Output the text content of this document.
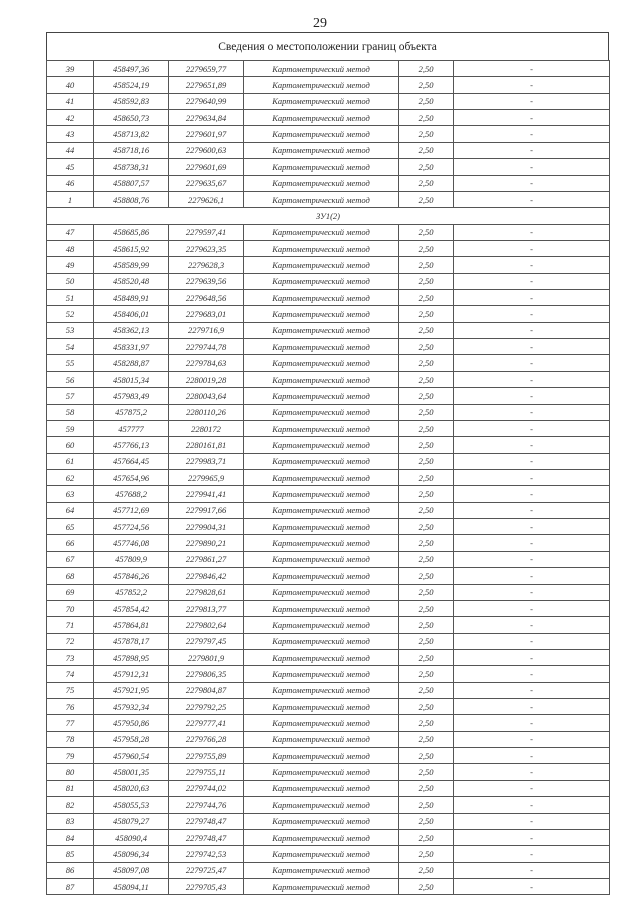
29
Сведения о местоположении границ объекта
39	458497,36	2279659,77	Картометрический метод	2,50	-
40	458524,19	2279651,89	Картометрический метод	2,50	-
41	458592,83	2279640,99	Картометрический метод	2,50	-
42	458650,73	2279634,84	Картометрический метод	2,50	-
43	458713,82	2279601,97	Картометрический метод	2,50	-
44	458718,16	2279600,63	Картометрический метод	2,50	-
45	458738,31	2279601,69	Картометрический метод	2,50	-
46	458807,57	2279635,67	Картометрический метод	2,50	-
1	458808,76	2279626,1	Картометрический метод	2,50	-
ЗУ1(2)					
47	458685,86	2279597,41	Картометрический метод	2,50	-
48	458615,92	2279623,35	Картометрический метод	2,50	-
49	458589,99	2279628,3	Картометрический метод	2,50	-
50	458520,48	2279639,56	Картометрический метод	2,50	-
51	458489,91	2279648,56	Картометрический метод	2,50	-
52	458406,01	2279683,01	Картометрический метод	2,50	-
53	458362,13	2279716,9	Картометрический метод	2,50	-
54	458331,97	2279744,78	Картометрический метод	2,50	-
55	458288,87	2279784,63	Картометрический метод	2,50	-
56	458015,34	2280019,28	Картометрический метод	2,50	-
57	457983,49	2280043,64	Картометрический метод	2,50	-
58	457875,2	2280110,26	Картометрический метод	2,50	-
59	457777	2280172	Картометрический метод	2,50	-
60	457766,13	2280161,81	Картометрический метод	2,50	-
61	457664,45	2279983,71	Картометрический метод	2,50	-
62	457654,96	2279965,9	Картометрический метод	2,50	-
63	457688,2	2279941,41	Картометрический метод	2,50	-
64	457712,69	2279917,66	Картометрический метод	2,50	-
65	457724,56	2279904,31	Картометрический метод	2,50	-
66	457746,08	2279890,21	Картометрический метод	2,50	-
67	457809,9	2279861,27	Картометрический метод	2,50	-
68	457846,26	2279846,42	Картометрический метод	2,50	-
69	457852,2	2279828,61	Картометрический метод	2,50	-
70	457854,42	2279813,77	Картометрический метод	2,50	-
71	457864,81	2279802,64	Картометрический метод	2,50	-
72	457878,17	2279797,45	Картометрический метод	2,50	-
73	457898,95	2279801,9	Картометрический метод	2,50	-
74	457912,31	2279806,35	Картометрический метод	2,50	-
75	457921,95	2279804,87	Картометрический метод	2,50	-
76	457932,34	2279792,25	Картометрический метод	2,50	-
77	457950,86	2279777,41	Картометрический метод	2,50	-
78	457958,28	2279766,28	Картометрический метод	2,50	-
79	457960,54	2279755,89	Картометрический метод	2,50	-
80	458001,35	2279755,11	Картометрический метод	2,50	-
81	458020,63	2279744,02	Картометрический метод	2,50	-
82	458055,53	2279744,76	Картометрический метод	2,50	-
83	458079,27	2279748,47	Картометрический метод	2,50	-
84	458090,4	2279748,47	Картометрический метод	2,50	-
85	458096,34	2279742,53	Картометрический метод	2,50	-
86	458097,08	2279725,47	Картометрический метод	2,50	-
87	458094,11	2279705,43	Картометрический метод	2,50	-
